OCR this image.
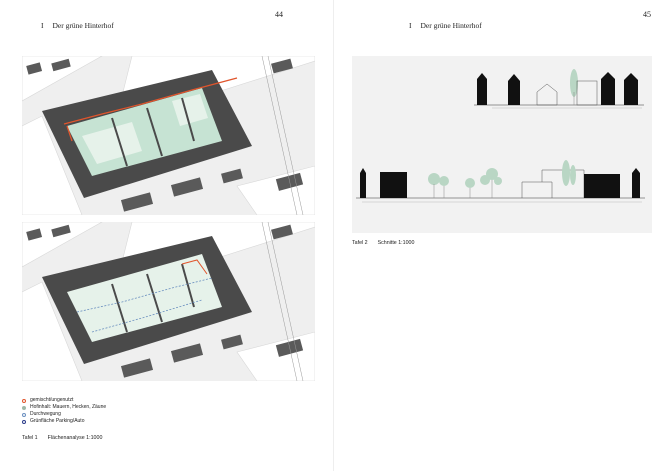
44
I Der grüne Hinterhof
gemischt/ungenutzt
Hofinhalt: Mauern, Hecken, Zäune
Durchwegung
Grünfläche Parking/Auto
Tafel 1 Flächenanalyse 1:1000
45
I Der grüne Hinterhof
Tafel 2 Schnitte 1:1000
